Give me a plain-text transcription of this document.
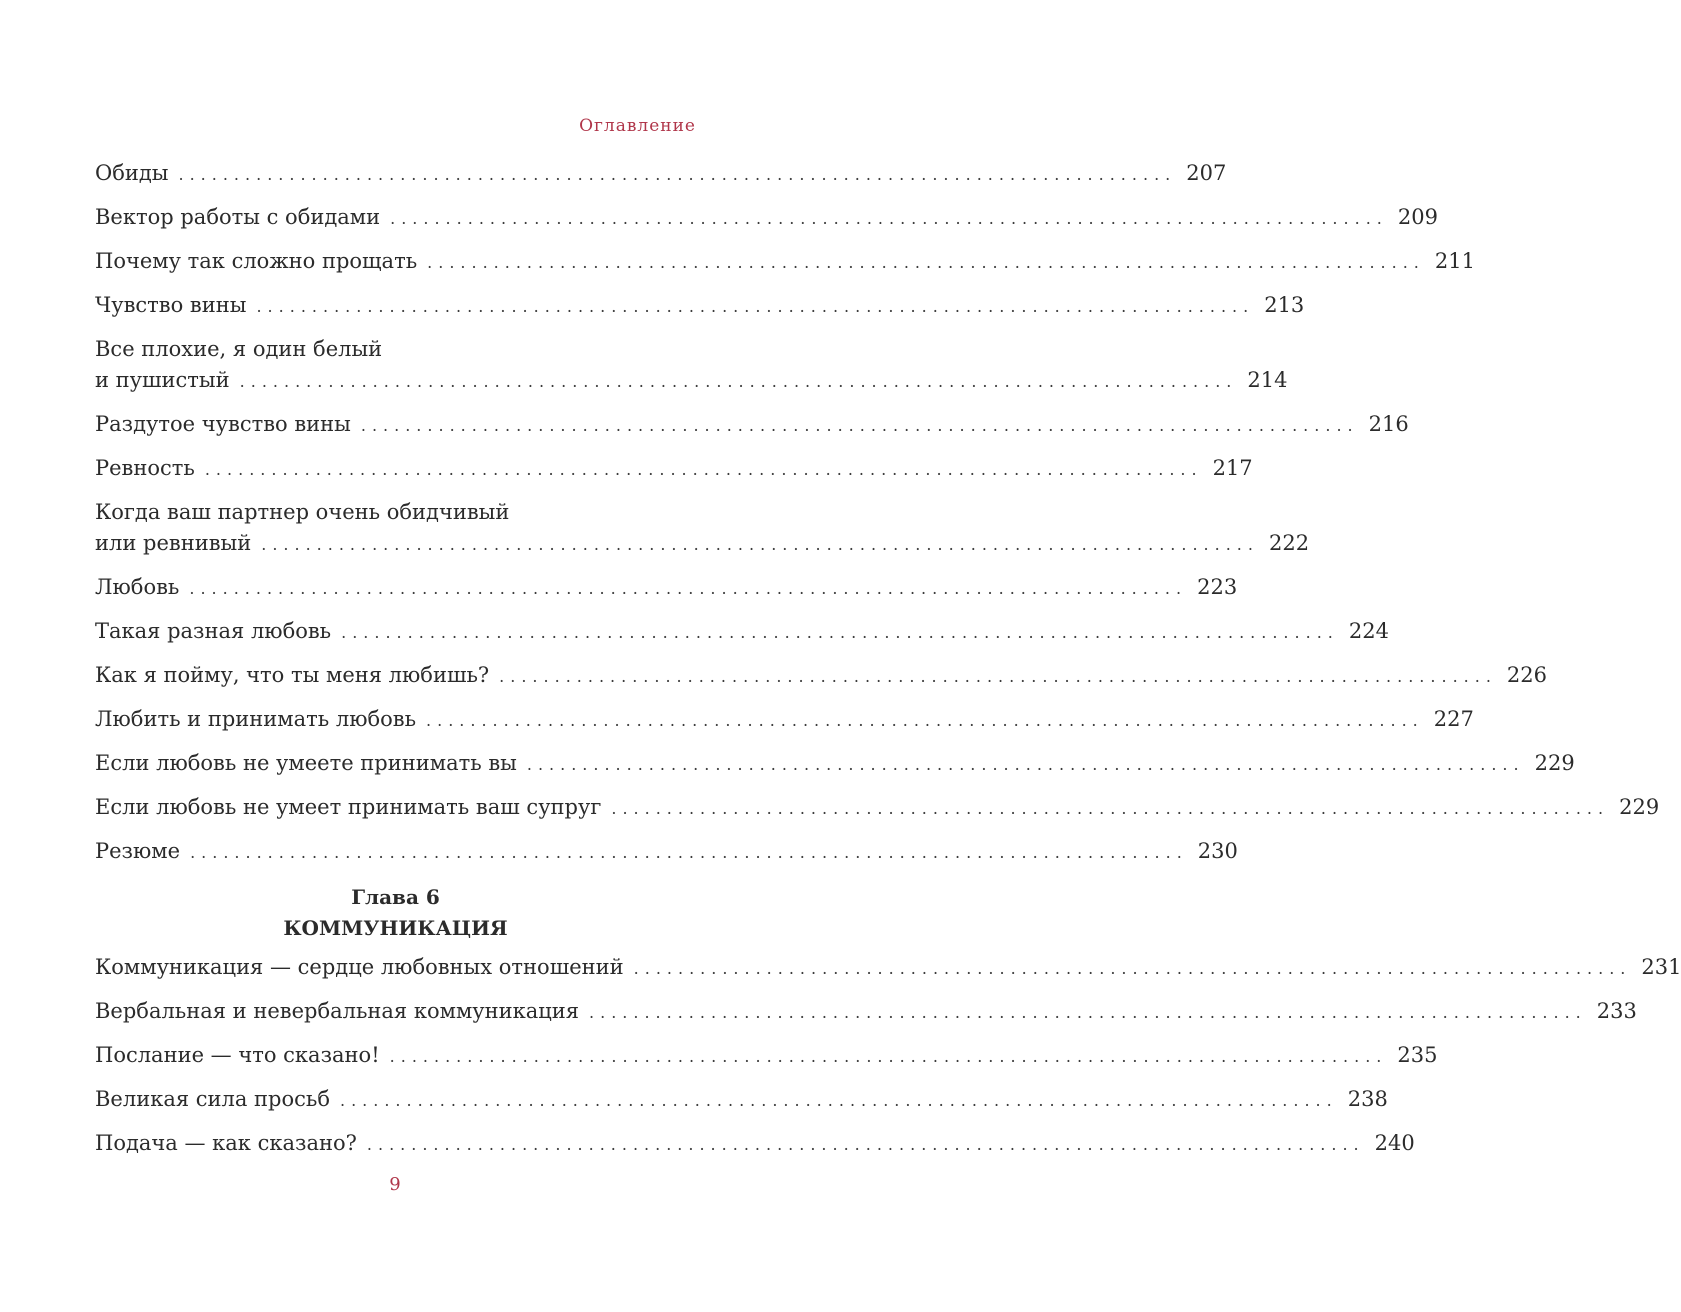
Оглавление
Обиды .......................................................................................... 207
Вектор работы с обидами .......................................................................................... 209
Почему так сложно прощать .......................................................................................... 211
Чувство вины .......................................................................................... 213
Все плохие, я один белый
и пушистый .......................................................................................... 214
Раздутое чувство вины .......................................................................................... 216
Ревность .......................................................................................... 217
Когда ваш партнер очень обидчивый
или ревнивый .......................................................................................... 222
Любовь .......................................................................................... 223
Такая разная любовь .......................................................................................... 224
Как я пойму, что ты меня любишь? .......................................................................................... 226
Любить и принимать любовь .......................................................................................... 227
Если любовь не умеете принимать вы .......................................................................................... 229
Если любовь не умеет принимать ваш супруг .......................................................................................... 229
Резюме .......................................................................................... 230
Глава 6
КОММУНИКАЦИЯ
Коммуникация — сердце любовных отношений .......................................................................................... 231
Вербальная и невербальная коммуникация .......................................................................................... 233
Послание — что сказано! .......................................................................................... 235
Великая сила просьб .......................................................................................... 238
Подача — как сказано? .......................................................................................... 240
9
